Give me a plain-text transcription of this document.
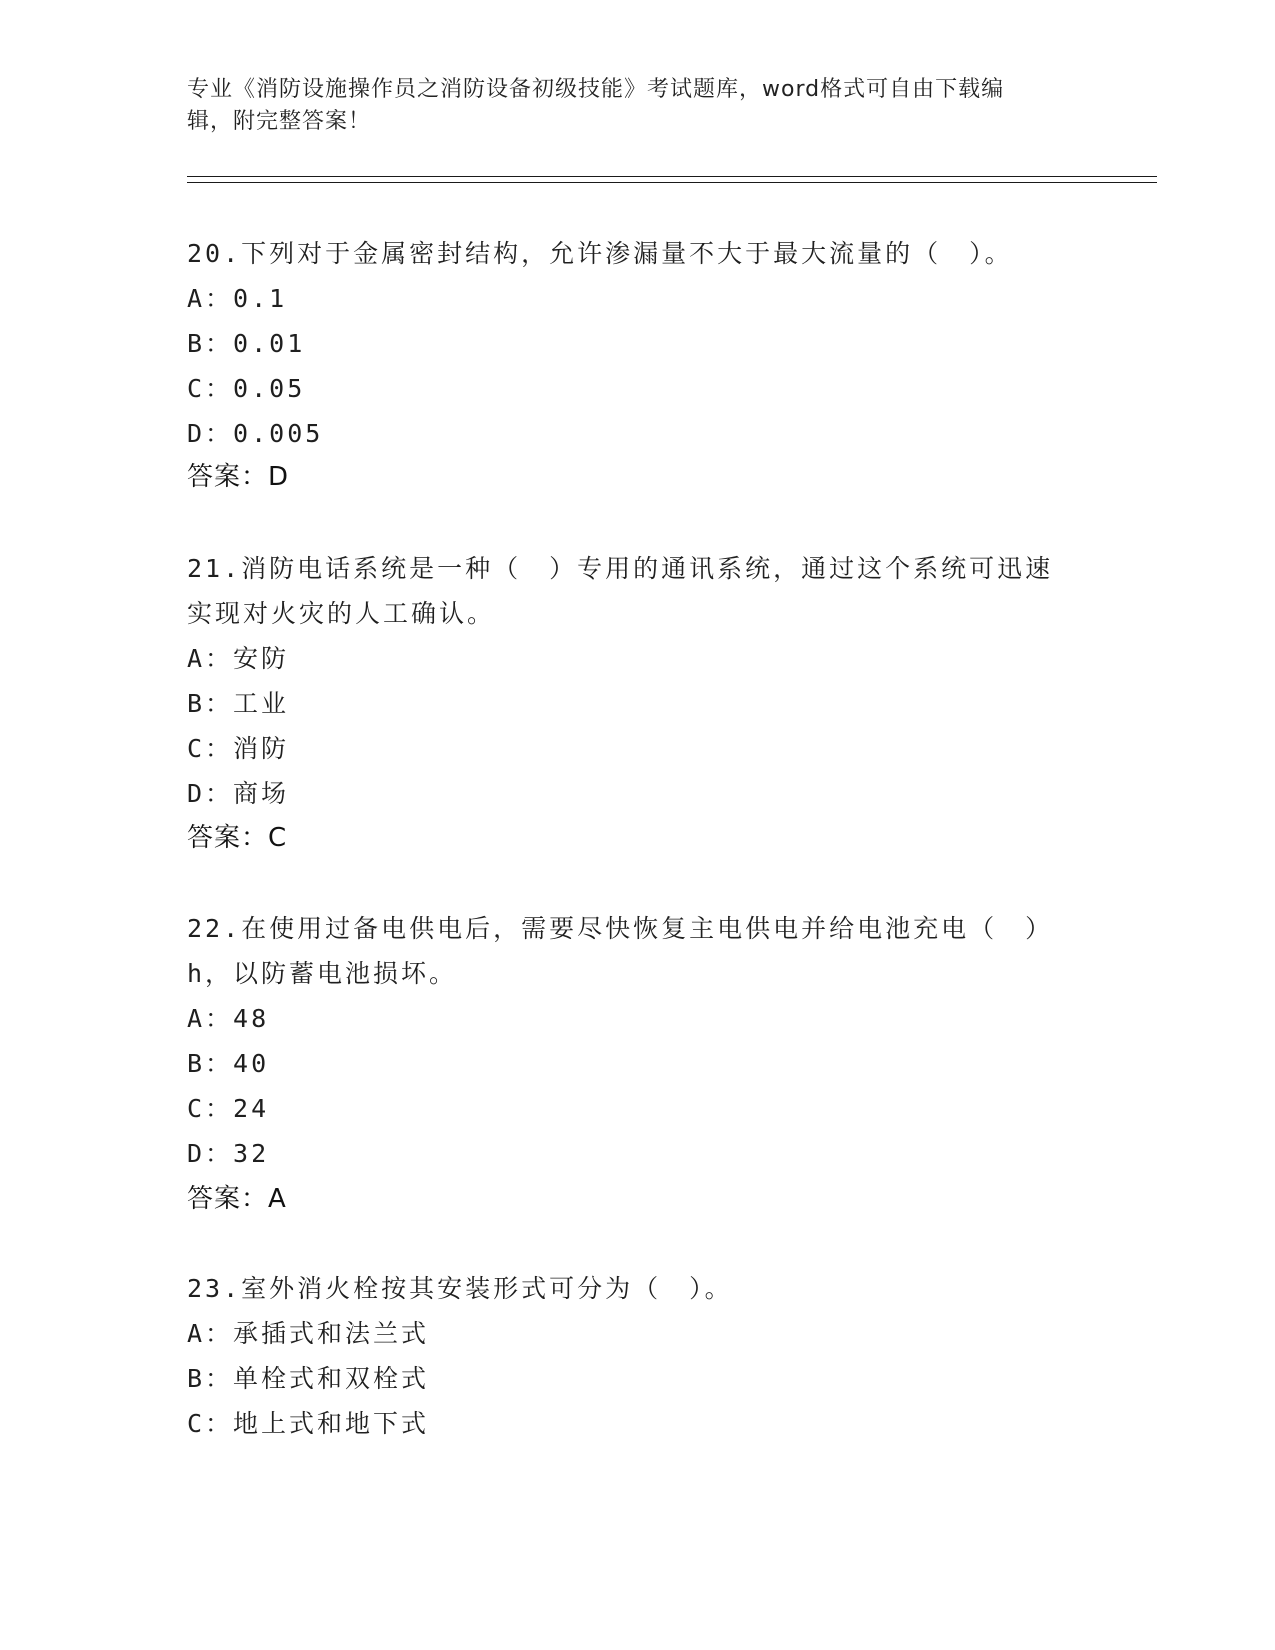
专业《消防设施操作员之消防设备初级技能》考试题库，word格式可自由下载编
辑，附完整答案！
20.下列对于金属密封结构，允许渗漏量不大于最大流量的（　）。
A：0.1
B：0.01
C：0.05
D：0.005
答案：D
21.消防电话系统是一种（　）专用的通讯系统，通过这个系统可迅速
实现对火灾的人工确认。
A：安防
B：工业
C：消防
D：商场
答案：C
22.在使用过备电供电后，需要尽快恢复主电供电并给电池充电（　）
h，以防蓄电池损坏。
A：48
B：40
C：24
D：32
答案：A
23.室外消火栓按其安装形式可分为（　）。
A：承插式和法兰式
B：单栓式和双栓式
C：地上式和地下式
